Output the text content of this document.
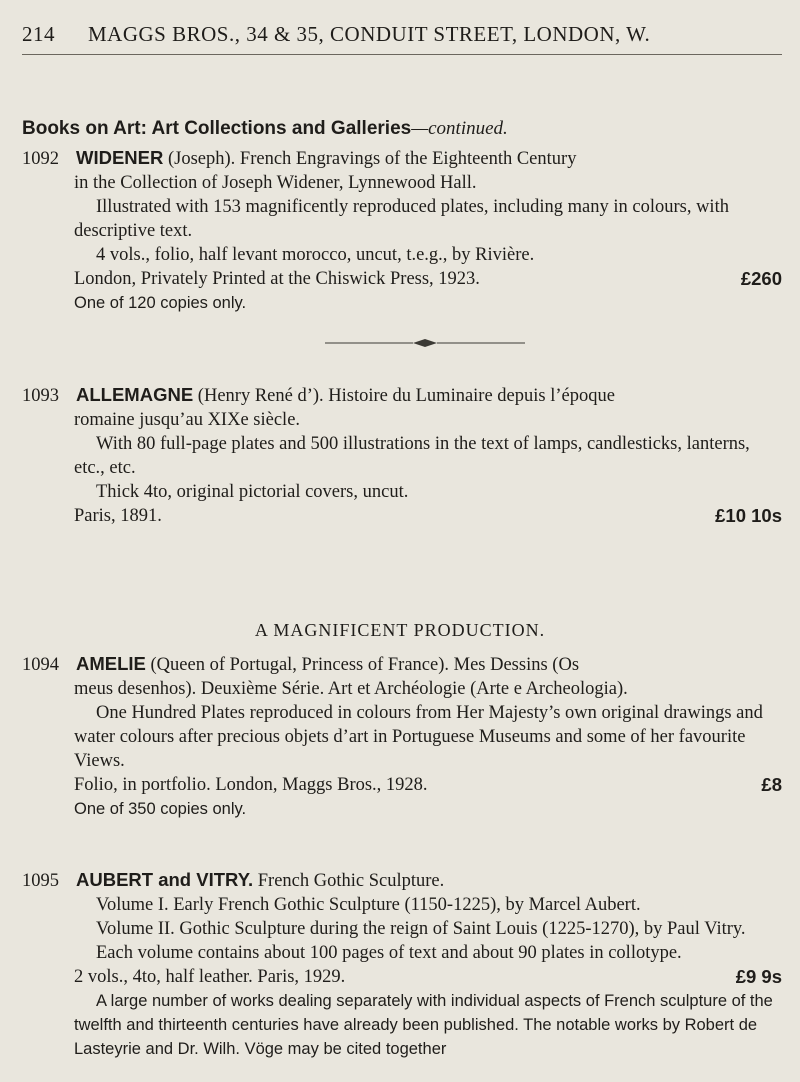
214 MAGGS BROS., 34 & 35, CONDUIT STREET, LONDON, W.
Books on Art: Art Collections and Galleries—continued.

1092 WIDENER (Joseph). French Engravings of the Eighteenth Century

in the Collection of Joseph Widener, Lynnewood Hall.

Illustrated with 153 magnificently reproduced plates, including many in colours, with descriptive text.

4 vols., folio, half levant morocco, uncut, t.e.g., by Rivière.

London, Privately Printed at the Chiswick Press, 1923.	£260

One of 120 copies only.

1093 ALLEMAGNE (Henry René d’). Histoire du Luminaire depuis l’époque

romaine jusqu’au XIXe siècle.

With 80 full-page plates and 500 illustrations in the text of lamps, candlesticks, lanterns, etc., etc.

Thick 4to, original pictorial covers, uncut.

Paris, 1891.	£10 10s
A MAGNIFICENT PRODUCTION.

1094 AMELIE (Queen of Portugal, Princess of France). Mes Dessins (Os

meus desenhos). Deuxième Série. Art et Archéologie (Arte e Archeologia).

One Hundred Plates reproduced in colours from Her Majesty’s own original drawings and water colours after precious objets d’art in Portuguese Museums and some of her favourite Views.

Folio, in portfolio. London, Maggs Bros., 1928.	£8

One of 350 copies only.

1095 AUBERT and VITRY. French Gothic Sculpture.

Volume I. Early French Gothic Sculpture (1150-1225), by Marcel Aubert.

Volume II. Gothic Sculpture during the reign of Saint Louis (1225-1270), by Paul Vitry.

Each volume contains about 100 pages of text and about 90 plates in collotype.

2 vols., 4to, half leather. Paris, 1929.	£9 9s

A large number of works dealing separately with individual aspects of French sculpture of the twelfth and thirteenth centuries have already been published. The notable works by Robert de Lasteyrie and Dr. Wilh. Vöge may be cited together
